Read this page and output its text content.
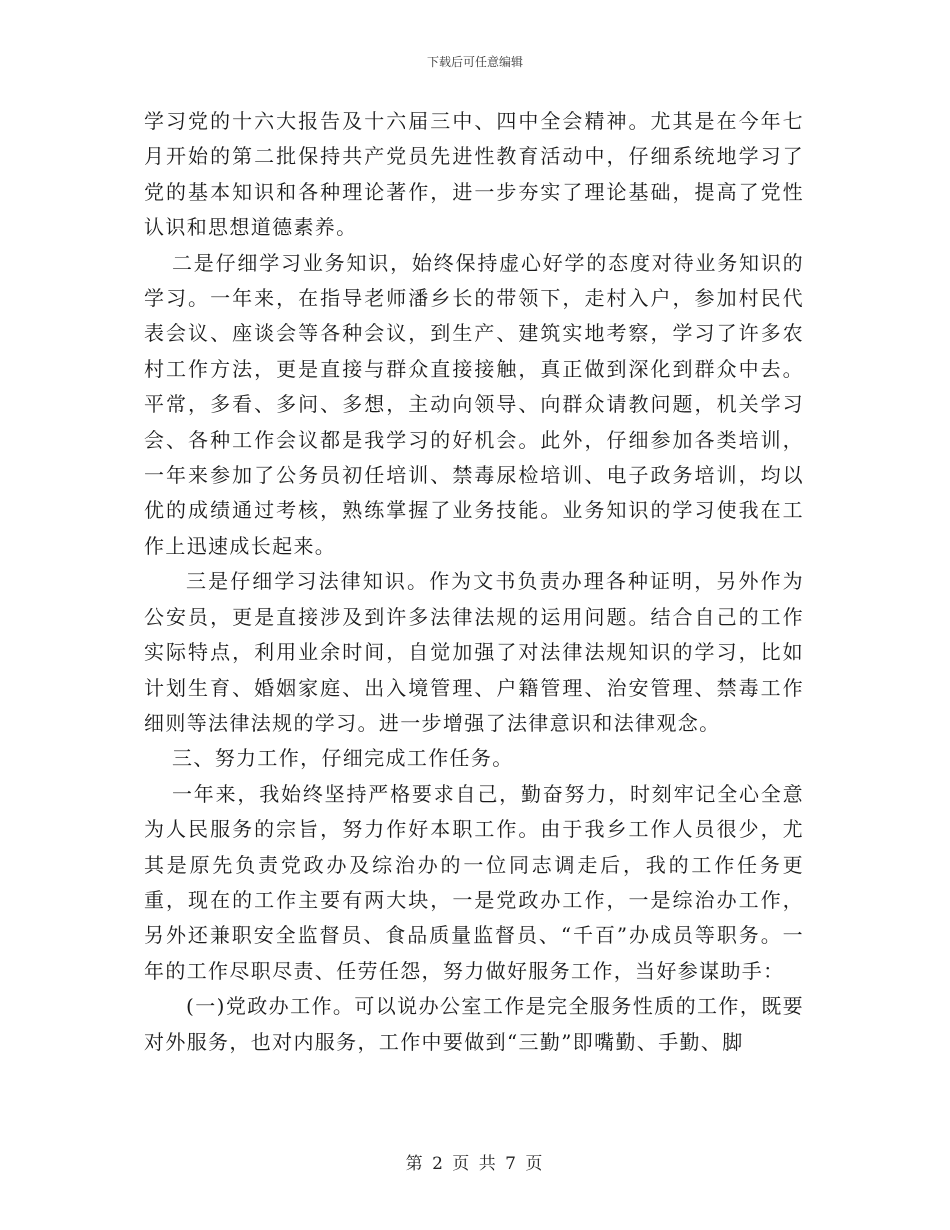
下载后可任意编辑

学习党的十六大报告及十六届三中、四中全会精神。尤其是在今年七月开始的第二批保持共产党员先进性教育活动中，仔细系统地学习了党的基本知识和各种理论著作，进一步夯实了理论基础，提高了党性认识和思想道德素养。

二是仔细学习业务知识，始终保持虚心好学的态度对待业务知识的学习。一年来，在指导老师潘乡长的带领下，走村入户，参加村民代表会议、座谈会等各种会议，到生产、建筑实地考察，学习了许多农村工作方法，更是直接与群众直接接触，真正做到深化到群众中去。平常，多看、多问、多想，主动向领导、向群众请教问题，机关学习会、各种工作会议都是我学习的好机会。此外，仔细参加各类培训，一年来参加了公务员初任培训、禁毒尿检培训、电子政务培训，均以优的成绩通过考核，熟练掌握了业务技能。业务知识的学习使我在工作上迅速成长起来。

三是仔细学习法律知识。作为文书负责办理各种证明，另外作为公安员，更是直接涉及到许多法律法规的运用问题。结合自己的工作实际特点，利用业余时间，自觉加强了对法律法规知识的学习，比如计划生育、婚姻家庭、出入境管理、户籍管理、治安管理、禁毒工作细则等法律法规的学习。进一步增强了法律意识和法律观念。

三、努力工作，仔细完成工作任务。

一年来，我始终坚持严格要求自己，勤奋努力，时刻牢记全心全意为人民服务的宗旨，努力作好本职工作。由于我乡工作人员很少，尤其是原先负责党政办及综治办的一位同志调走后，我的工作任务更重，现在的工作主要有两大块，一是党政办工作，一是综治办工作，另外还兼职安全监督员、食品质量监督员、“千百”办成员等职务。一年的工作尽职尽责、任劳任怨，努力做好服务工作，当好参谋助手：

(一)党政办工作。可以说办公室工作是完全服务性质的工作，既要对外服务，也对内服务，工作中要做到“三勤”即嘴勤、手勤、脚

第 2 页 共 7 页
